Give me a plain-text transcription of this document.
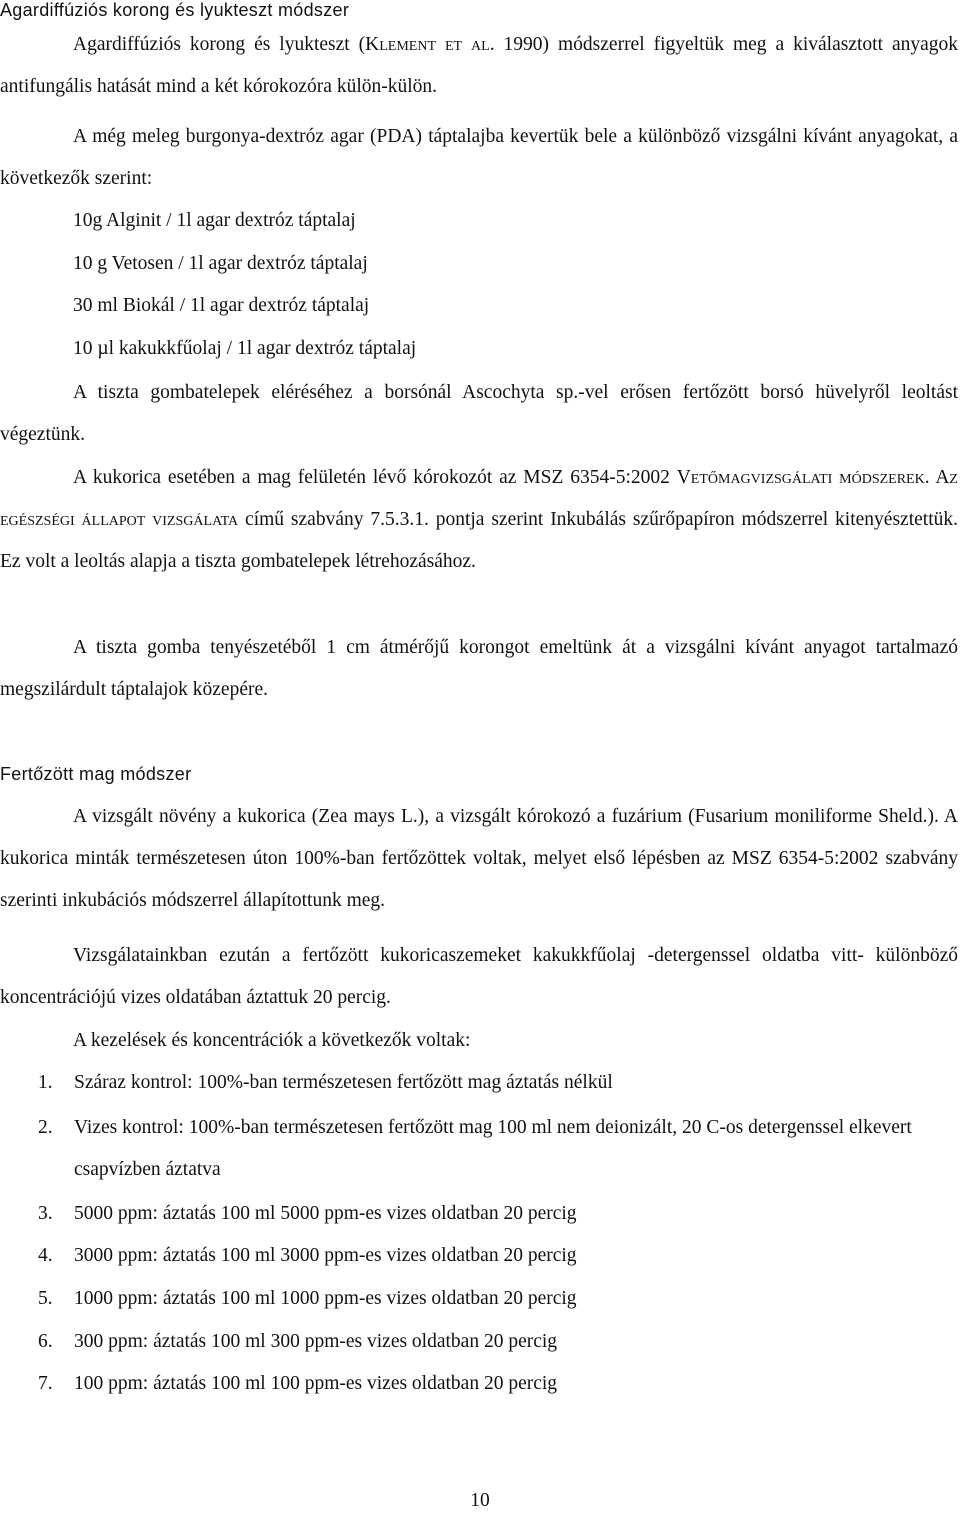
Agardiffúziós korong és lyukteszt módszer

Agardiffúziós korong és lyukteszt (Klement et al. 1990) módszerrel figyeltük meg a kiválasztott anyagok antifungális hatását mind a két kórokozóra külön-külön.

A még meleg burgonya-dextróz agar (PDA) táptalajba kevertük bele a különböző vizsgálni kívánt anyagokat, a következők szerint:

10g Alginit / 1l agar dextróz táptalaj
10 g Vetosen / 1l agar dextróz táptalaj
30 ml Biokál / 1l agar dextróz táptalaj
10 µl kakukkfűolaj / 1l agar dextróz táptalaj

A tiszta gombatelepek eléréséhez a borsónál Ascochyta sp.-vel erősen fertőzött borsó hüvelyről leoltást végeztünk.

A kukorica esetében a mag felületén lévő kórokozót az MSZ 6354-5:2002 Vetőmagvizsgálati módszerek. Az egészségi állapot vizsgálata című szabvány 7.5.3.1. pontja szerint Inkubálás szűrőpapíron módszerrel kitenyésztettük. Ez volt a leoltás alapja a tiszta gombatelepek létrehozásához.

A tiszta gomba tenyészetéből 1 cm átmérőjű korongot emeltünk át a vizsgálni kívánt anyagot tartalmazó megszilárdult táptalajok közepére.

Fertőzött mag módszer

A vizsgált növény a kukorica (Zea mays L.), a vizsgált kórokozó a fuzárium (Fusarium moniliforme Sheld.). A kukorica minták természetesen úton 100%-ban fertőzöttek voltak, melyet első lépésben az MSZ 6354-5:2002 szabvány szerinti inkubációs módszerrel állapítottunk meg.

Vizsgálatainkban ezután a fertőzött kukoricaszemeket kakukkfűolaj -detergenssel oldatba vitt- különböző koncentrációjú vizes oldatában áztattuk 20 percig.

A kezelések és koncentrációk a következők voltak:
1. Száraz kontrol: 100%-ban természetesen fertőzött mag áztatás nélkül
2. Vizes kontrol: 100%-ban természetesen fertőzött mag 100 ml nem deionizált, 20 C-os detergenssel elkevert csapvízben áztatva
3. 5000 ppm: áztatás 100 ml 5000 ppm-es vizes oldatban 20 percig
4. 3000 ppm: áztatás 100 ml 3000 ppm-es vizes oldatban 20 percig
5. 1000 ppm: áztatás 100 ml 1000 ppm-es vizes oldatban 20 percig
6. 300 ppm: áztatás 100 ml 300 ppm-es vizes oldatban 20 percig
7. 100 ppm: áztatás 100 ml 100 ppm-es vizes oldatban 20 percig
10
